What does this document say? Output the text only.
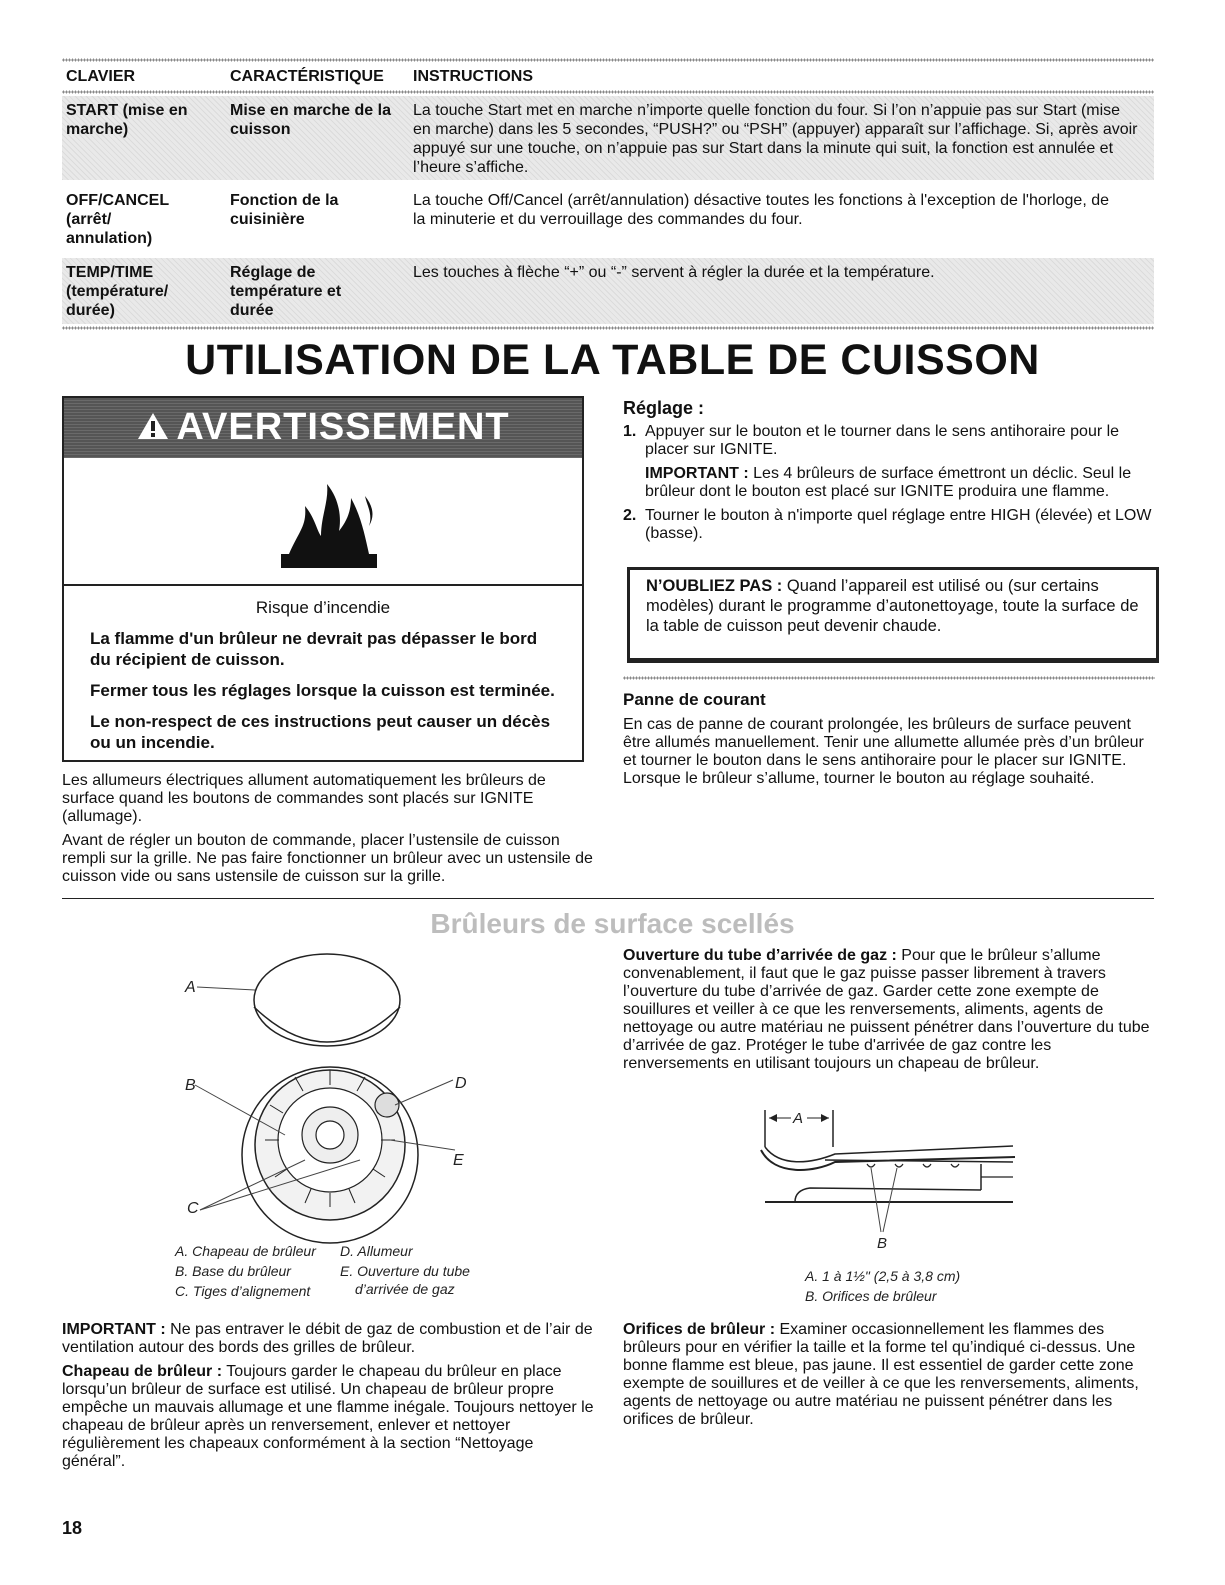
CLAVIER	CARACTÉRISTIQUE INSTRUCTIONS
START (mise en marche)
Mise en marche de la cuisson
La touche Start met en marche n’importe quelle fonction du four. Si l’on n’appuie pas sur Start (mise en marche) dans les 5 secondes, “PUSH?” ou “PSH” (appuyer) apparaît sur l’affichage. Si, après avoir appuyé sur une touche, on n’appuie pas sur Start dans la minute qui suit, la fonction est annulée et l’heure s’affiche.
OFF/CANCEL (arrêt/ annulation)
Fonction de la cuisinière
La touche Off/Cancel (arrêt/annulation) désactive toutes les fonctions à l'exception de l'horloge, de la minuterie et du verrouillage des commandes du four.
TEMP/TIME (température/ durée)
Réglage de température et durée
Les touches à flèche “+” ou “-” servent à régler la durée et la température.
UTILISATION DE LA TABLE DE CUISSON
AVERTISSEMENT
Risque d’incendie

La flamme d'un brûleur ne devrait pas dépasser le bord du récipient de cuisson.

Fermer tous les réglages lorsque la cuisson est terminée.

Le non-respect de ces instructions peut causer un décès ou un incendie.

Les allumeurs électriques allument automatiquement les brûleurs de surface quand les boutons de commandes sont placés sur IGNITE (allumage).

Avant de régler un bouton de commande, placer l’ustensile de cuisson rempli sur la grille. Ne pas faire fonctionner un brûleur avec un ustensile de cuisson vide ou sans ustensile de cuisson sur la grille.

Réglage :
1. Appuyer sur le bouton et le tourner dans le sens antihoraire pour le placer sur IGNITE.

IMPORTANT : Les 4 brûleurs de surface émettront un déclic. Seul le brûleur dont le bouton est placé sur IGNITE produira une flamme.

2. Tourner le bouton à n'importe quel réglage entre HIGH (élevée) et LOW (basse).

N’OUBLIEZ PAS : Quand l’appareil est utilisé ou (sur certains modèles) durant le programme d’autonettoyage, toute la surface de la table de cuisson peut devenir chaude.

Panne de courant

En cas de panne de courant prolongée, les brûleurs de surface peuvent être allumés manuellement. Tenir une allumette allumée près d’un brûleur et tourner le bouton dans le sens antihoraire pour le placer sur IGNITE. Lorsque le brûleur s’allume, tourner le bouton au réglage souhaité.

Brûleurs de surface scellés
A
B
C
D
E
A. Chapeau de brûleur
B. Base du brûleur
C. Tiges d’alignement
D. Allumeur
E. Ouverture du tube
d’arrivée de gaz

Ouverture du tube d’arrivée de gaz : Pour que le brûleur s’allume convenablement, il faut que le gaz puisse passer librement à travers l’ouverture du tube d’arrivée de gaz. Garder cette zone exempte de souillures et veiller à ce que les renversements, aliments, agents de nettoyage ou autre matériau ne puissent pénétrer dans l’ouverture du tube d’arrivée de gaz. Protéger le tube d'arrivée de gaz contre les renversements en utilisant toujours un chapeau de brûleur.

A
B
A. 1 à 1½" (2,5 à 3,8 cm)
B. Orifices de brûleur

IMPORTANT : Ne pas entraver le débit de gaz de combustion et de l’air de ventilation autour des bords des grilles de brûleur.

Chapeau de brûleur : Toujours garder le chapeau du brûleur en place lorsqu’un brûleur de surface est utilisé. Un chapeau de brûleur propre empêche un mauvais allumage et une flamme inégale. Toujours nettoyer le chapeau de brûleur après un renversement, enlever et nettoyer régulièrement les chapeaux conformément à la section “Nettoyage général”.

Orifices de brûleur : Examiner occasionnellement les flammes des brûleurs pour en vérifier la taille et la forme tel qu’indiqué ci-dessus. Une bonne flamme est bleue, pas jaune. Il est essentiel de garder cette zone exempte de souillures et de veiller à ce que les renversements, aliments, agents de nettoyage ou autre matériau ne puissent pénétrer dans les orifices de brûleur.

18
